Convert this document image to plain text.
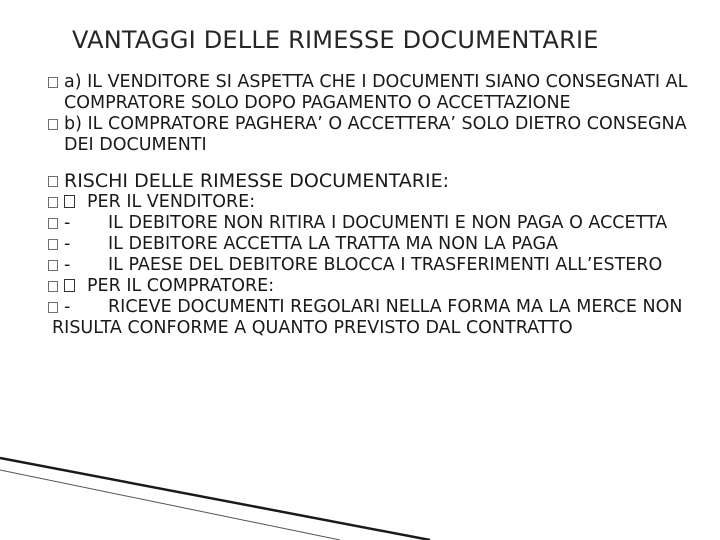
VANTAGGI DELLE RIMESSE DOCUMENTARIE
a) IL VENDITORE SI ASPETTA CHE I DOCUMENTI SIANO CONSEGNATI AL COMPRATORE SOLO DOPO PAGAMENTO O ACCETTAZIONE
b) IL COMPRATORE PAGHERA’ O ACCETTERA’ SOLO DIETRO CONSEGNA DEI DOCUMENTI
RISCHI DELLE RIMESSE DOCUMENTARIE:
PER IL VENDITORE:
-	IL DEBITORE NON RITIRA I DOCUMENTI E NON PAGA O ACCETTA
-	IL DEBITORE ACCETTA LA TRATTA MA NON LA PAGA
-	IL PAESE DEL DEBITORE BLOCCA I TRASFERIMENTI ALL’ESTERO
PER IL COMPRATORE:
-	RICEVE DOCUMENTI REGOLARI NELLA FORMA MA LA MERCE NON RISULTA CONFORME A QUANTO PREVISTO DAL CONTRATTO
